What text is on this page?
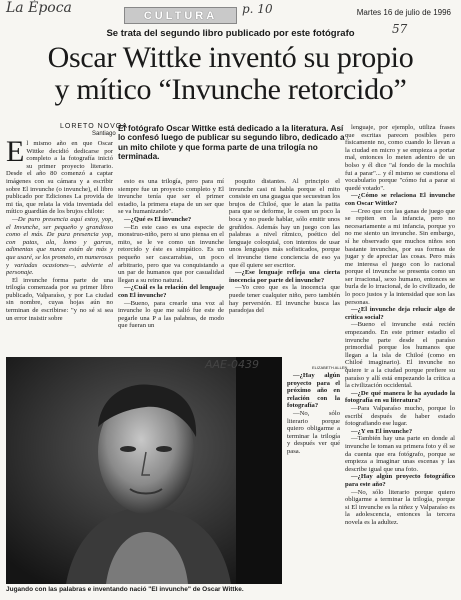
La Época	p. 10
57
CULTURA	Martes 16 de julio de 1996
Se trata del segundo libro publicado por este fotógrafo
Oscar Wittke inventó su propio
y mítico “Invunche retorcido”
LORETO NOVOA
Santiago
El fotógrafo Oscar Wittke está dedicado a la literatura. Así lo confesó luego de publicar su segundo libro, dedicado a un mito chilote y que forma parte de una trilogía no terminada.
E l mismo año en que Oscar Wittke decidió dedicarse por completo a la fotografía inició su primer proyecto literario. Desde el año 80 comenzó a captar imágenes con su cámara y a escribir sobre El invunche (o invunche), el libro publicado por Ediciones La provida de mi tía, que relata la vida inventada del mítico guardián de los brujos chilote:

—De puro presencia aquí estoy, yop, el Invunche, ser pequeño y grandioso como el más. De pura presencia yop, con patas, ala, lomo y garras, adimentas que nunca están de más y que usaré, se los prometo, en numerosas y variadas ocasiones—, advierte el personaje.

El invunche forma parte de una trilogía comenzada por su primer libro publicado, Valparaíso, y por La ciudad sin nombre, cuyas hojas aún no terminan de escribirse: "y no sé si sea un error insistir sobre

esto es una trilogía, pero para mí siempre fue un proyecto completo y El invunche tenía que ser el primer estadio, la primera etapa de un ser que se va humanizando".

—¿Qué es El invunche?

—En este caso es una especie de monstruo-niño, pero si uno piensa en el mito, se le ve como un invunche retorcido y éste es simpático. Es un pequeño ser cascarrabias, un poco arbitrario, pero que va conquistando a un par de humanos que por casualidad llegan a su reino natural.

—¿Cuál es la relación del lenguaje con El invunche?

—Bueno, para crearle una voz al invunche lo que me salió fue este de pegarle una P a las palabras, de modo que fueran un

poquito distantes. Al principio el invunche casi ni habla porque el mito consiste en una guagua que secuestran los brujos de Chiloé, que le atan la patita para que se deforme, le cosen un poco la boca y no puede hablar, sólo emitir unos gruñidos. Además hay un juego con las palabras a nivel rítmico, poético del lenguaje coloquial, con intentos de usar unos lenguajes más sofisticados, porque el invunche tiene conciencia de eso ya que él quiere ser escritor.

—¿Ese lenguaje refleja una cierta inocencia por parte del invunche?

—Yo creo que es la inocencia que puede tener cualquier niño, pero también hay perversión. El invunche busca las paradojas del

lenguaje, por ejemplo, utiliza frases que escritas parecen posibles pero físicamente no, como cuando lo llevan a la ciudad en micro y se empieza a portar mal, entonces lo meten adentro de un bolso y él dice "al fondo de la mochila fui a parar"... y él mismo se cuestiona el vocabulario porque "cómo fui a parar si quedé votado".

—¿Cómo se relaciona El invunche con Oscar Wittke?

—Creo que con las ganas de juego que se repiten en la infancia, pero no necesariamente a mi infancia, porque yo no me siento un invunche. Sin embargo, sí he observado que muchos niños son bastante invunches, por sus formas de jugar y de apreciar las cosas. Pero más me interesa el juego con lo racional porque el invunche se presenta como un ser irracional, sexo humano, entonces se burla de lo irracional, de lo civilizado, de lo poco justos y la intensidad que son las personas.

—¿El invunche deja relucir algo de crítica social?

—Bueno el invunche está recién empezando. En este primer estadio el invunche parte desde el paraíso primordial porque los humanos que llegan a la isla de Chiloé (como en Chiloé imaginario). El invunche no quiere ir a la ciudad porque prefiere su paraíso y allí está empezando la crítica a la civilización occidental.

—¿De qué manera le ha ayudado la fotografía en su literatura?

—Para Valparaíso mucho, porque lo escribí después de haber estado fotografiando ese lugar.

—¿Y en El invunche?

—También hay una parte en donde al invunche le toman su primera foto y él se da cuenta que era fotógrafo, porque se empieza a imaginar unas escenas y las describe igual que una foto.

—¿Hay algún proyecto fotográfico para este año?

—No, sólo literario porque quiero obligarme a terminar la trilogía, porque si El invunche es la niñez y Valparaíso es la adolescencia, entonces la tercera novela es la adultez.

ELIZABETH ALLEN
AAE-0439

—¿Hay algún proyecto para el próximo año en relación con la fotografía?

—No, sólo literario porque quiero obligarme a terminar la trilogía y después ver qué pasa.

Jugando con las palabras e inventando nació "El invunche" de Oscar Wittke.
